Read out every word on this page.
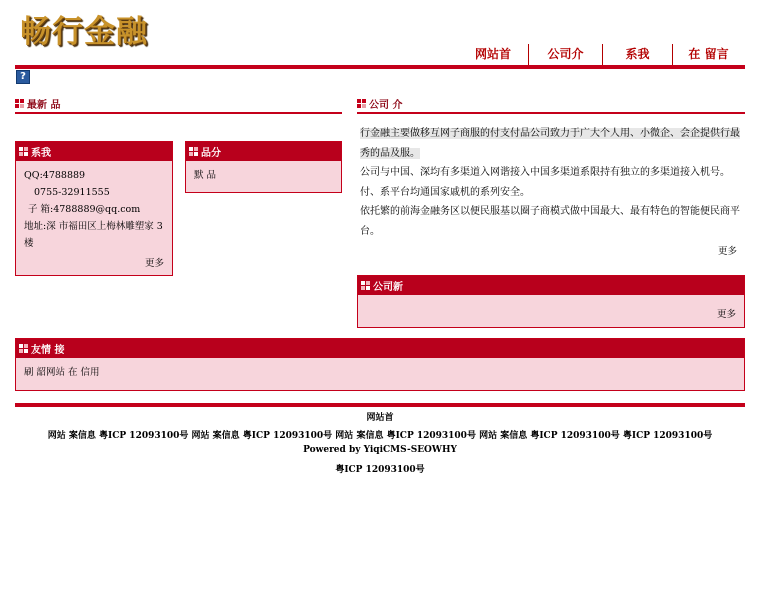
畅行金融
网站首	公司介	系我	在 留言
?
最新 品	公司 介
系我
QQ:4788889
0755-32911555
子 箱:4788889@qq.com
地址:深 市福田区上梅林雕塑家 3 楼
更多
品分
默 品

行金融主要做移互网子商服的付支付品公司致力于广大个人用、小微企、会企提供行最秀的品及服。

公司与中国、深均有多渠道入网谐接入中国多渠道系限持有独立的多渠道接入机号。付、系平台均通国家戚机的系列安全。

依托繁的前海金融务区以便民服基以圈子商模式做中国最大、最有特色的智能便民商平台。

更多
公司新
更多
友情 接
刷 韶网站 在 信用
网站首
网站 案信息 粤ICP 12093100号 网站 案信息 粤ICP 12093100号 网站 案信息 粤ICP 12093100号 网站 案信息 粤ICP 12093100号 粤ICP 12093100号
Powered by YiqiCMS-SEOWHY
粤ICP 12093100号
